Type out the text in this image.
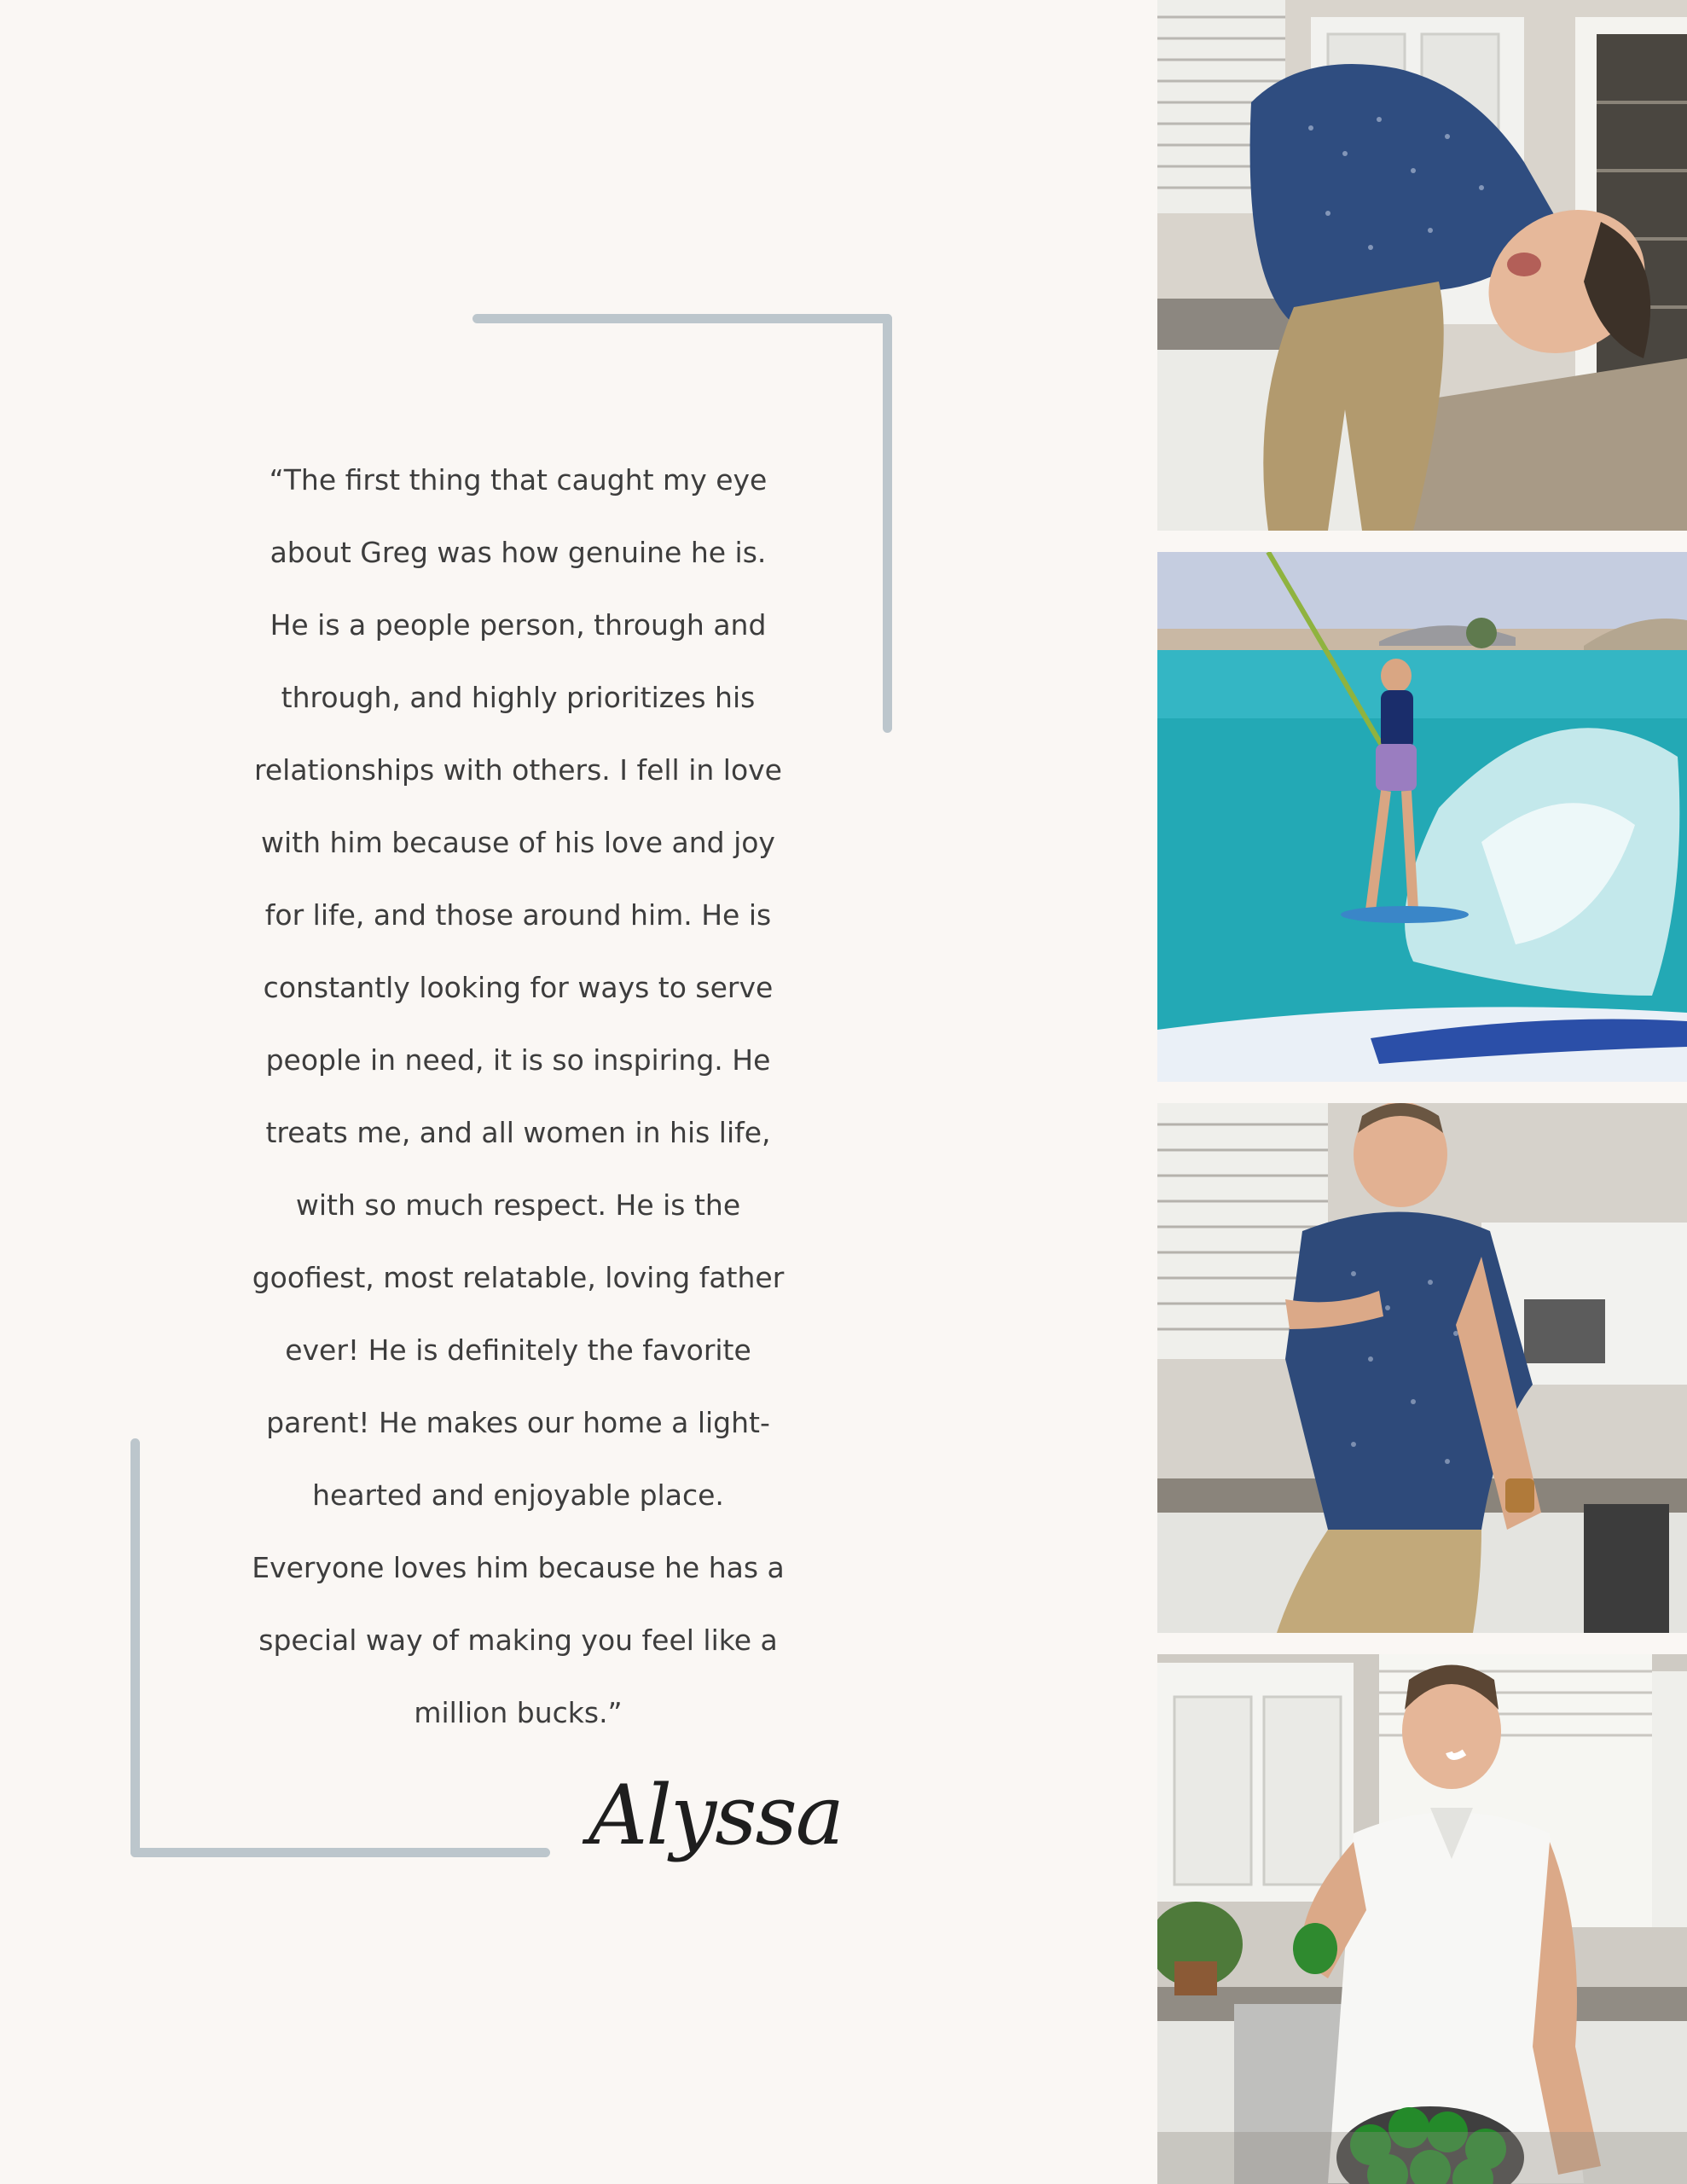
“The first thing that caught my eye
about Greg was how genuine he is.
He is a people person, through and
through, and highly prioritizes his
relationships with others. I fell in love
with him because of his love and joy
for life, and those around him. He is
constantly looking for ways to serve
people in need, it is so inspiring. He
treats me, and all women in his life,
with so much respect. He is the
goofiest, most relatable, loving father
ever! He is definitely the favorite
parent! He makes our home a light-
hearted and enjoyable place.
Everyone loves him because he has a
special way of making you feel like a
million bucks.”
Alyssa
